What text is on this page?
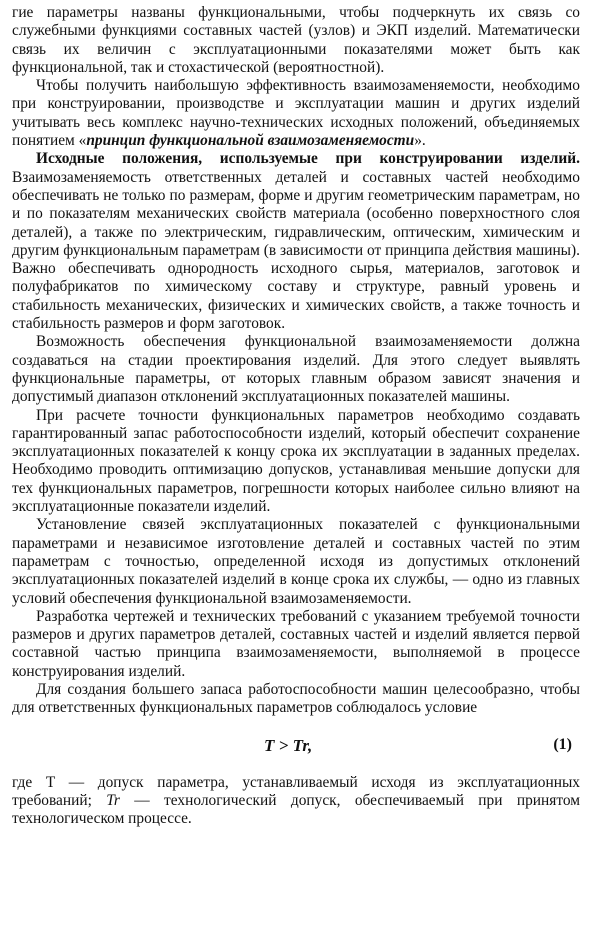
гие параметры названы функциональными, чтобы подчеркнуть их связь со служебными функциями составных частей (узлов) и ЭКП изделий. Математически связь их величин с эксплуатационными показателями может быть как функциональной, так и стохастической (вероятностной).

Чтобы получить наибольшую эффективность взаимозаменяемости, необходимо при конструировании, производстве и эксплуатации машин и других изделий учитывать весь комплекс научно-технических исходных положений, объединяемых понятием «принцип функциональной взаимозаменяемости».

Исходные положения, используемые при конструировании изделий. Взаимозаменяемость ответственных деталей и составных частей необходимо обеспечивать не только по размерам, форме и другим геометрическим параметрам, но и по показателям механических свойств материала (особенно поверхностного слоя деталей), а также по электрическим, гидравлическим, оптическим, химическим и другим функциональным параметрам (в зависимости от принципа действия машины). Важно обеспечивать однородность исходного сырья, материалов, заготовок и полуфабрикатов по химическому составу и структуре, равный уровень и стабильность механических, физических и химических свойств, а также точность и стабильность размеров и форм заготовок.

Возможность обеспечения функциональной взаимозаменяемости должна создаваться на стадии проектирования изделий. Для этого следует выявлять функциональные параметры, от которых главным образом зависят значения и допустимый диапазон отклонений эксплуатационных показателей машины.

При расчете точности функциональных параметров необходимо создавать гарантированный запас работоспособности изделий, который обеспечит сохранение эксплуатационных показателей к концу срока их эксплуатации в заданных пределах. Необходимо проводить оптимизацию допусков, устанавливая меньшие допуски для тех функциональных параметров, погрешности которых наиболее сильно влияют на эксплуатационные показатели изделий.

Установление связей эксплуатационных показателей с функциональными параметрами и независимое изготовление деталей и составных частей по этим параметрам с точностью, определенной исходя из допустимых отклонений эксплуатационных показателей изделий в конце срока их службы, — одно из главных условий обеспечения функциональной взаимозаменяемости.

Разработка чертежей и технических требований с указанием требуемой точности размеров и других параметров деталей, составных частей и изделий является первой составной частью принципа взаимозаменяемости, выполняемой в процессе конструирования изделий.

Для создания большего запаса работоспособности машин целесообразно, чтобы для ответственных функциональных параметров соблюдалось условие

T > Tr,	(1)

где T — допуск параметра, устанавливаемый исходя из эксплуатационных требований; Tr — технологический допуск, обеспечиваемый при принятом технологическом процессе.
